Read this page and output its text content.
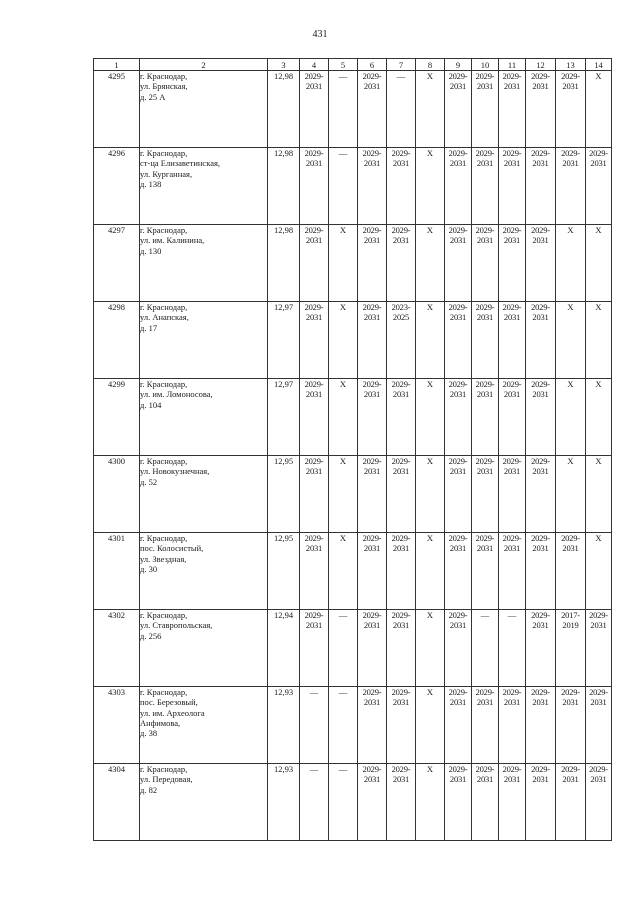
431
1	2	3	4	5	6	7	8	9	10	11	12	13	14
4295	г. Краснодар,
ул. Брянская,
д. 25 А	12,98	2029-
2031	—	2029-
2031	—	Х	2029-
2031	2029-
2031	2029-
2031	2029-
2031	2029-
2031	Х
4296	г. Краснодар,
ст-ца Елизаветинская,
ул. Курганная,
д. 138	12,98	2029-
2031	—	2029-
2031	2029-
2031	Х	2029-
2031	2029-
2031	2029-
2031	2029-
2031	2029-
2031	2029-
2031
4297	г. Краснодар,
ул. им. Калинина,
д. 130	12,98	2029-
2031	Х	2029-
2031	2029-
2031	Х	2029-
2031	2029-
2031	2029-
2031	2029-
2031	Х	Х
4298	г. Краснодар,
ул. Анапская,
д. 17	12,97	2029-
2031	Х	2029-
2031	2023-
2025	Х	2029-
2031	2029-
2031	2029-
2031	2029-
2031	Х	Х
4299	г. Краснодар,
ул. им. Ломоносова,
д. 104	12,97	2029-
2031	Х	2029-
2031	2029-
2031	Х	2029-
2031	2029-
2031	2029-
2031	2029-
2031	Х	Х
4300	г. Краснодар,
ул. Новокузнечная,
д. 52	12,95	2029-
2031	Х	2029-
2031	2029-
2031	Х	2029-
2031	2029-
2031	2029-
2031	2029-
2031	Х	Х
4301	г. Краснодар,
пос. Колосистый,
ул. Звездная,
д. 30	12,95	2029-
2031	Х	2029-
2031	2029-
2031	Х	2029-
2031	2029-
2031	2029-
2031	2029-
2031	2029-
2031	Х
4302	г. Краснодар,
ул. Ставропольская,
д. 256	12,94	2029-
2031	—	2029-
2031	2029-
2031	Х	2029-
2031	—	—	2029-
2031	2017-
2019	2029-
2031
4303	г. Краснодар,
пос. Березовый,
ул. им. Археолога
Анфимова,
д. 38	12,93	—	—	2029-
2031	2029-
2031	Х	2029-
2031	2029-
2031	2029-
2031	2029-
2031	2029-
2031	2029-
2031
4304	г. Краснодар,
ул. Передовая,
д. 82	12,93	—	—	2029-
2031	2029-
2031	Х	2029-
2031	2029-
2031	2029-
2031	2029-
2031	2029-
2031	2029-
2031
